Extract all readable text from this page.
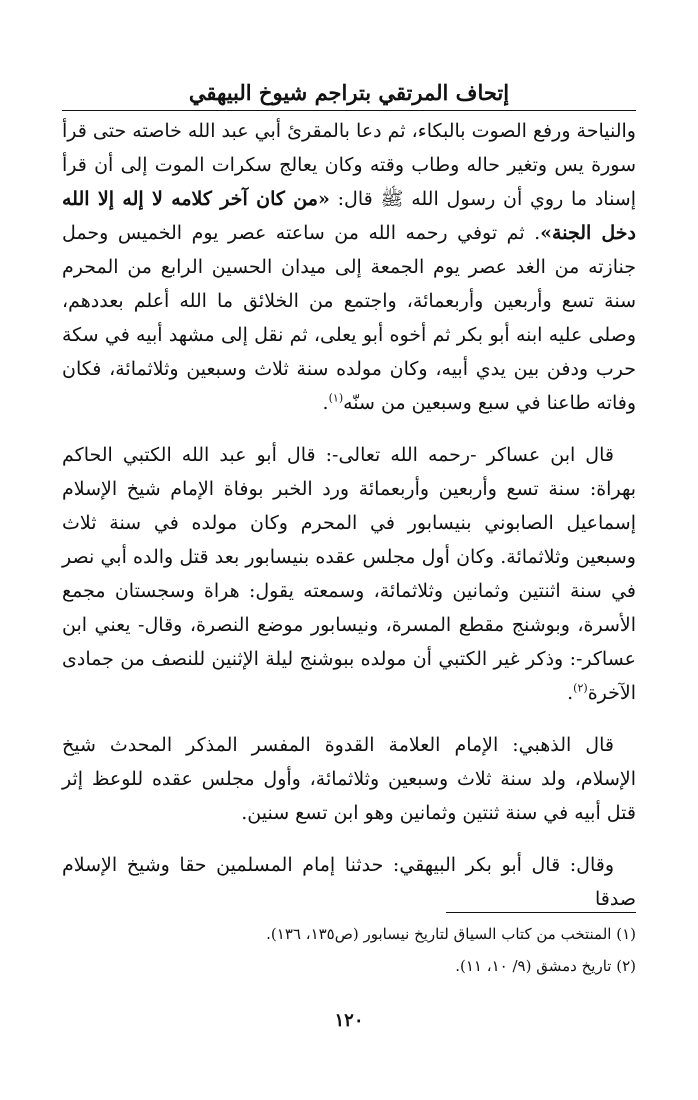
إتحاف المرتقي بتراجم شيوخ البيهقي

والنياحة ورفع الصوت بالبكاء، ثم دعا بالمقرئ أبي عبد الله خاصته حتى قرأ سورة يس وتغير حاله وطاب وقته وكان يعالج سكرات الموت إلى أن قرأ إسناد ما روي أن رسول الله ﷺ قال: «من كان آخر كلامه لا إله إلا الله دخل الجنة». ثم توفي رحمه الله من ساعته عصر يوم الخميس وحمل جنازته من الغد عصر يوم الجمعة إلى ميدان الحسين الرابع من المحرم سنة تسع وأربعين وأربعمائة، واجتمع من الخلائق ما الله أعلم بعددهم، وصلى عليه ابنه أبو بكر ثم أخوه أبو يعلى، ثم نقل إلى مشهد أبيه في سكة حرب ودفن بين يدي أبيه، وكان مولده سنة ثلاث وسبعين وثلاثمائة، فكان وفاته طاعنا في سبع وسبعين من سنّه$^{(١)}$.

قال ابن عساكر -رحمه الله تعالى-: قال أبو عبد الله الكتبي الحاكم بهراة: سنة تسع وأربعين وأربعمائة ورد الخبر بوفاة الإمام شيخ الإسلام إسماعيل الصابوني بنيسابور في المحرم وكان مولده في سنة ثلاث وسبعين وثلاثمائة. وكان أول مجلس عقده بنيسابور بعد قتل والده أبي نصر في سنة اثنتين وثمانين وثلاثمائة، وسمعته يقول: هراة وسجستان مجمع الأسرة، وبوشنج مقطع المسرة، ونيسابور موضع النصرة، وقال- يعني ابن عساكر-: وذكر غير الكتبي أن مولده ببوشنج ليلة الإثنين للنصف من جمادى الآخرة$^{(٢)}$.

قال الذهبي: الإمام العلامة القدوة المفسر المذكر المحدث شيخ الإسلام، ولد سنة ثلاث وسبعين وثلاثمائة، وأول مجلس عقده للوعظ إثر قتل أبيه في سنة ثنتين وثمانين وهو ابن تسع سنين.

وقال: قال أبو بكر البيهقي: حدثنا إمام المسلمين حقا وشيخ الإسلام صدقا

(١) المنتخب من كتاب السياق لتاريخ نيسابور (ص١٣٥، ١٣٦).

(٢) تاريخ دمشق (٩/ ١٠، ١١).

١٢٠
